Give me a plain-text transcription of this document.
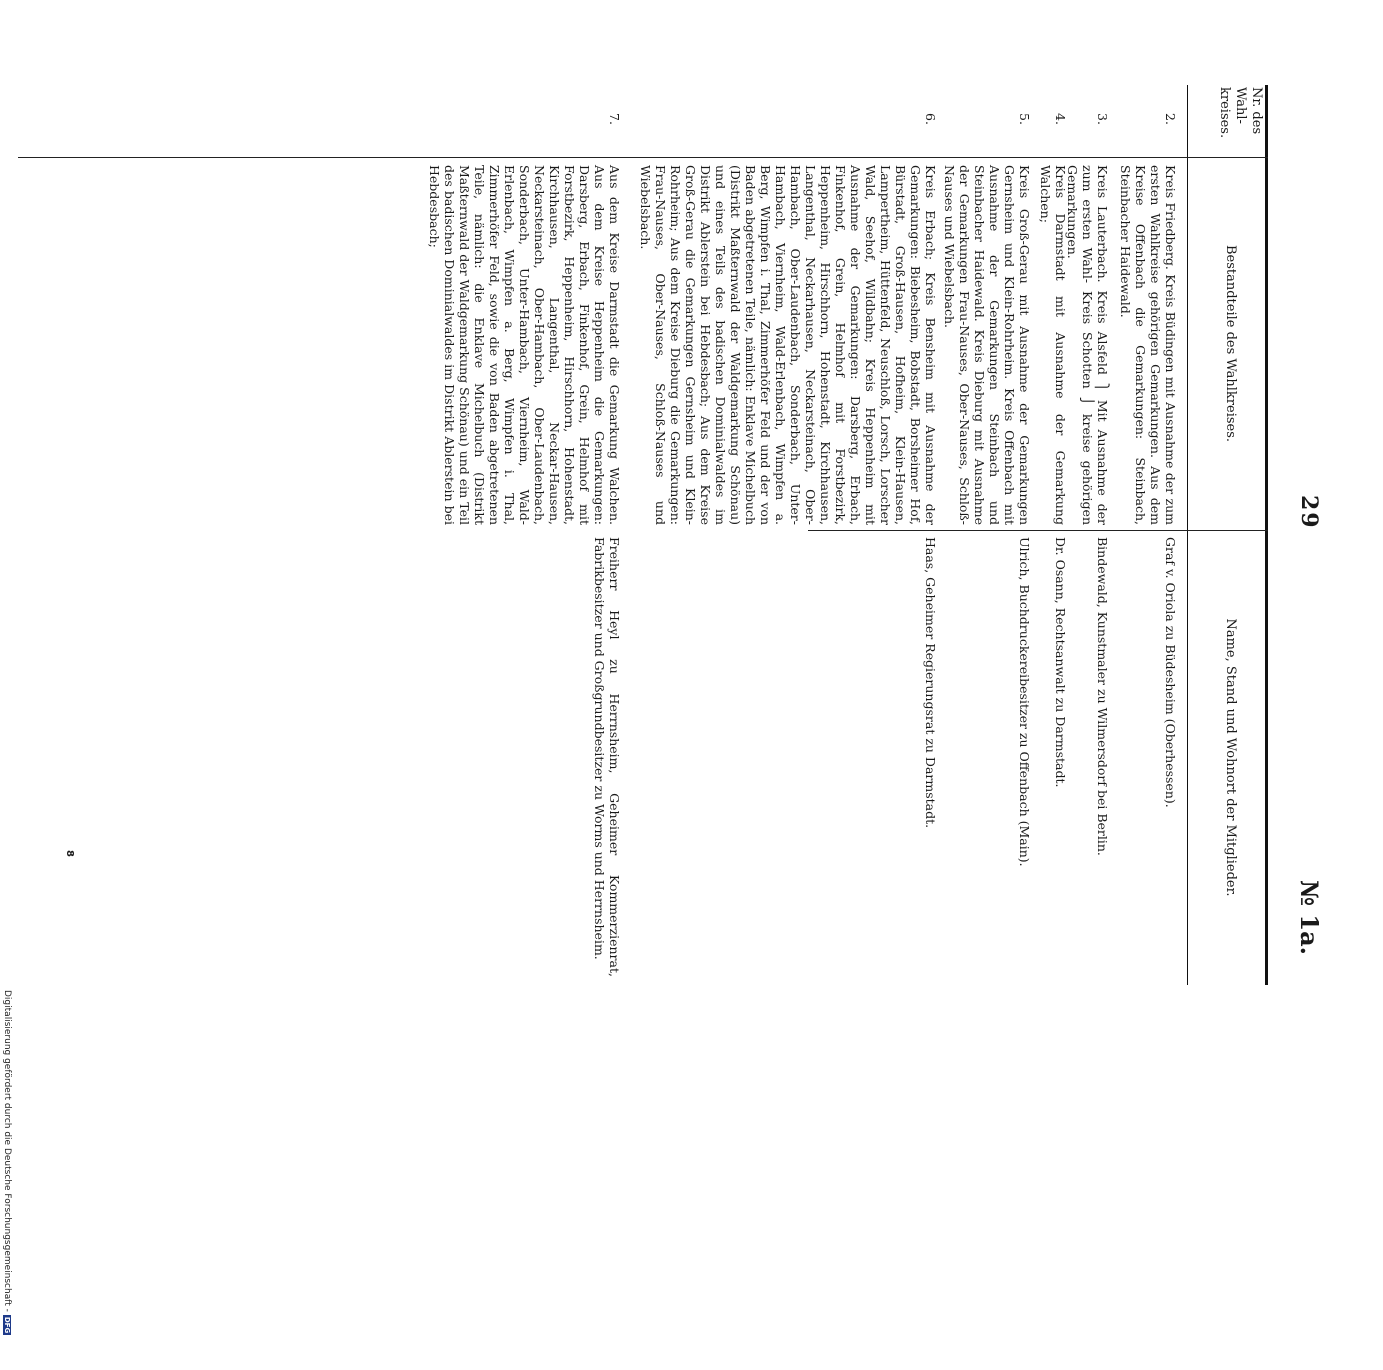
29
№ 1a.
Nr. des Wahl-kreises.
Bestandteile des Wahlkreises.
Name, Stand und Wohnort der Mitglieder.
2.
Kreis Friedberg. Kreis Büdingen mit Ausnahme der zum ersten Wahlkreise gehörigen Gemarkungen. Aus dem Kreise Offenbach die Gemarkungen: Steinbach, Steinbacher Haidewald.
Graf v. Oriola zu Büdesheim (Oberhessen).
3.
Kreis Lauterbach. Kreis Alsfeld ⎫ Mit Ausnahme der zum ersten Wahl- Kreis Schotten ⎭ kreise gehörigen Gemarkungen.
Bindewald, Kunstmaler zu Wilmersdorf bei Berlin.
4.
Kreis Darmstadt mit Ausnahme der Gemarkung Walchen;
Dr. Osann, Rechtsanwalt zu Darmstadt.
5.
Kreis Groß-Gerau mit Ausnahme der Gemarkungen Gernsheim und Klein-Rohrheim. Kreis Offenbach mit Ausnahme der Gemarkungen Steinbach und Steinbacher Haidewald. Kreis Dieburg mit Ausnahme der Gemarkungen Frau-Nauses, Ober-Nauses, Schloß-Nauses und Wiebelsbach.
Ulrich, Buchdruckereibesitzer zu Offenbach (Main).
6.
Kreis Erbach; Kreis Bensheim mit Ausnahme der Gemarkungen: Biebesheim, Bobstadt, Borsheimer Hof, Bürstadt, Groß-Hausen, Hofheim, Klein-Hausen, Lampertheim, Hüttenfeld, Neuschloß, Lorsch, Lorscher Wald, Seehof, Wildbahn; Kreis Heppenheim mit Ausnahme der Gemarkungen: Darsberg, Erbach, Finkenhof, Grein, Helmhof mit Forstbezirk, Heppenheim, Hirschhorn, Hohenstadt, Kirchhausen, Langenthal, Neckarhausen, Neckarsteinach, Ober-Hambach, Ober-Laudenbach, Sonderbach, Unter-Hambach, Viernheim, Wald-Erlenbach, Wimpfen a. Berg, Wimpfen i. Thal, Zimmerhöfer Feld und der von Baden abgetretenen Teile, nämlich: Enklave Michelbuch (Distrikt Maßternwald der Waldgemarkung Schönau) und eines Teils des badischen Dominialwaldes im Distrikt Ablerstein bei Hebdesbach; Aus dem Kreise Groß-Gerau die Gemarkungen Gernsheim und Klein-Rohrheim; Aus dem Kreise Dieburg die Gemarkungen: Frau-Nauses, Ober-Nauses, Schloß-Nauses und Wiebelsbach.
Haas, Geheimer Regierungsrat zu Darmstadt.
7.
Aus dem Kreise Darmstadt die Gemarkung Walchen. Aus dem Kreise Heppenheim die Gemarkungen: Darsberg, Erbach, Finkenhof, Grein, Helmhof mit Forstbezirk, Heppenheim, Hirschhorn, Hohenstadt, Kirchhausen, Langenthal, Neckar-Hausen, Neckarsteinach, Ober-Hambach, Ober-Laudenbach, Sonderbach, Unter-Hambach, Viernheim, Wald-Erlenbach, Wimpfen a. Berg, Wimpfen i. Thal, Zimmerhöfer Feld, sowie die von Baden abgetretenen Teile, nämlich: die Enklave Michelbuch (Distrikt Maßternwald der Waldgemarkung Schönau) und ein Teil des badischen Dominialwaldes im Distrikt Ablerstein bei Hebdesbach;
Freiherr Heyl zu Herrnsheim, Geheimer Kommerzienrat, Fabrikbesitzer und Großgrundbesitzer zu Worms und Herrnsheim.
Digitalisierung gefördert durch die Deutsche Forschungsgemeinschaft -DFG
8
